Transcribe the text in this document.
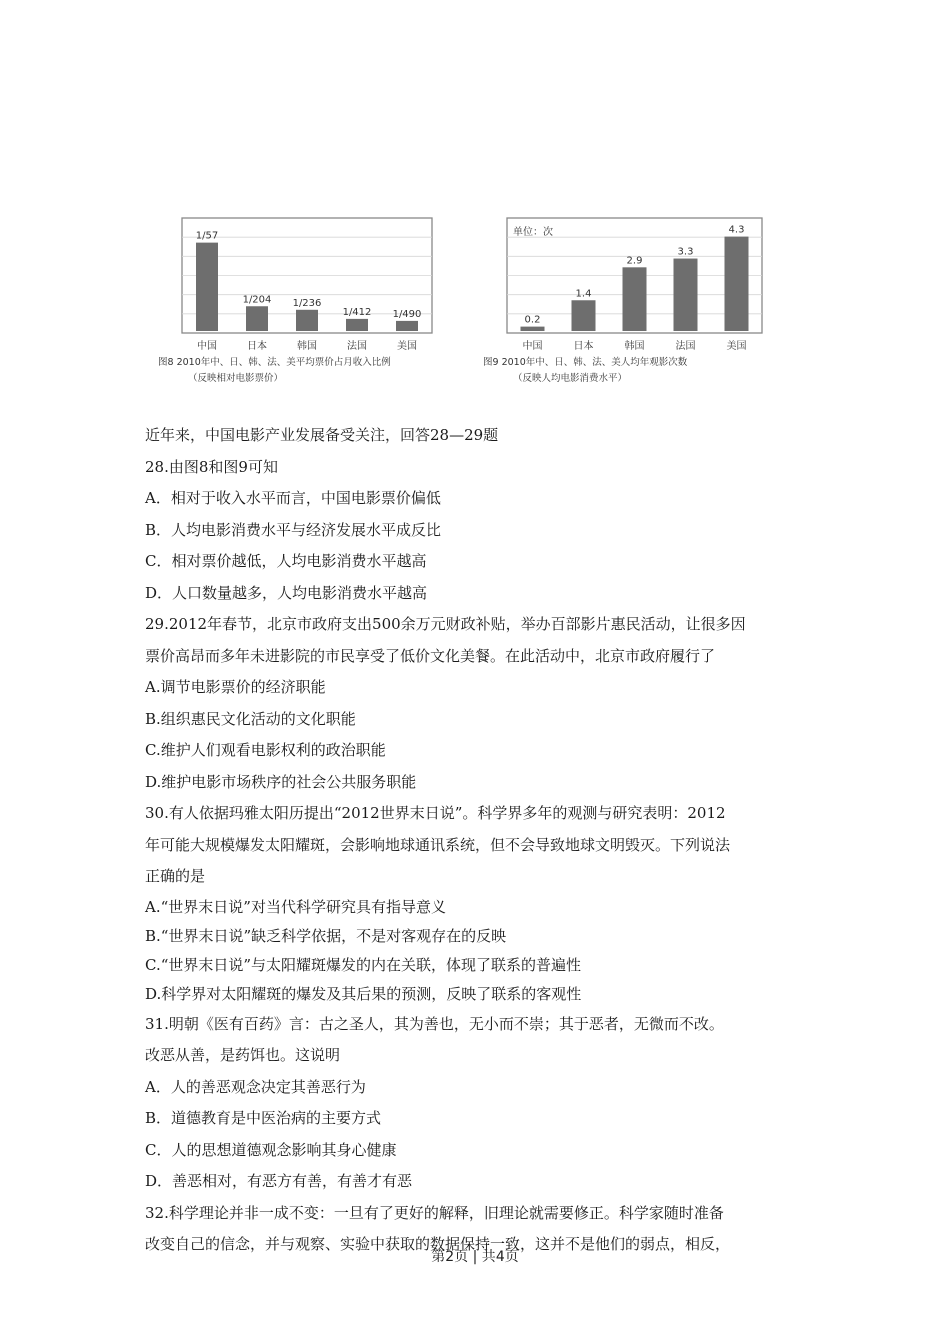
1/57
中国
1/204
日本
1/236
韩国
1/412
法国
1/490
美国
图8 2010年中、日、韩、法、美平均票价占月收入比例
（反映相对电影票价）
单位：次
0.2
中国
1.4
日本
2.9
韩国
3.3
法国
4.3
美国
图9 2010年中、日、韩、法、美人均年观影次数
（反映人均电影消费水平）
近年来，中国电影产业发展备受关注，回答28—29题
28.由图8和图9可知
A．相对于收入水平而言，中国电影票价偏低
B．人均电影消费水平与经济发展水平成反比
C．相对票价越低，人均电影消费水平越高
D．人口数量越多，人均电影消费水平越高
29.2012年春节，北京市政府支出500余万元财政补贴，举办百部影片惠民活动，让很多因
票价高昂而多年未进影院的市民享受了低价文化美餐。在此活动中，北京市政府履行了
A.调节电影票价的经济职能
B.组织惠民文化活动的文化职能
C.维护人们观看电影权利的政治职能
D.维护电影市场秩序的社会公共服务职能
30.有人依据玛雅太阳历提出“2012世界末日说”。科学界多年的观测与研究表明：2012
年可能大规模爆发太阳耀斑，会影响地球通讯系统，但不会导致地球文明毁灭。下列说法
正确的是
A.“世界末日说”对当代科学研究具有指导意义
B.“世界末日说”缺乏科学依据，不是对客观存在的反映
C.“世界末日说”与太阳耀斑爆发的内在关联，体现了联系的普遍性
D.科学界对太阳耀斑的爆发及其后果的预测，反映了联系的客观性
31.明朝《医有百药》言：古之圣人，其为善也，无小而不崇；其于恶者，无微而不改。
改恶从善，是药饵也。这说明
A．人的善恶观念决定其善恶行为
B．道德教育是中医治病的主要方式
C．人的思想道德观念影响其身心健康
D．善恶相对，有恶方有善，有善才有恶
32.科学理论并非一成不变：一旦有了更好的解释，旧理论就需要修正。科学家随时准备
改变自己的信念，并与观察、实验中获取的数据保持一致，这并不是他们的弱点，相反，
第2页 | 共4页
